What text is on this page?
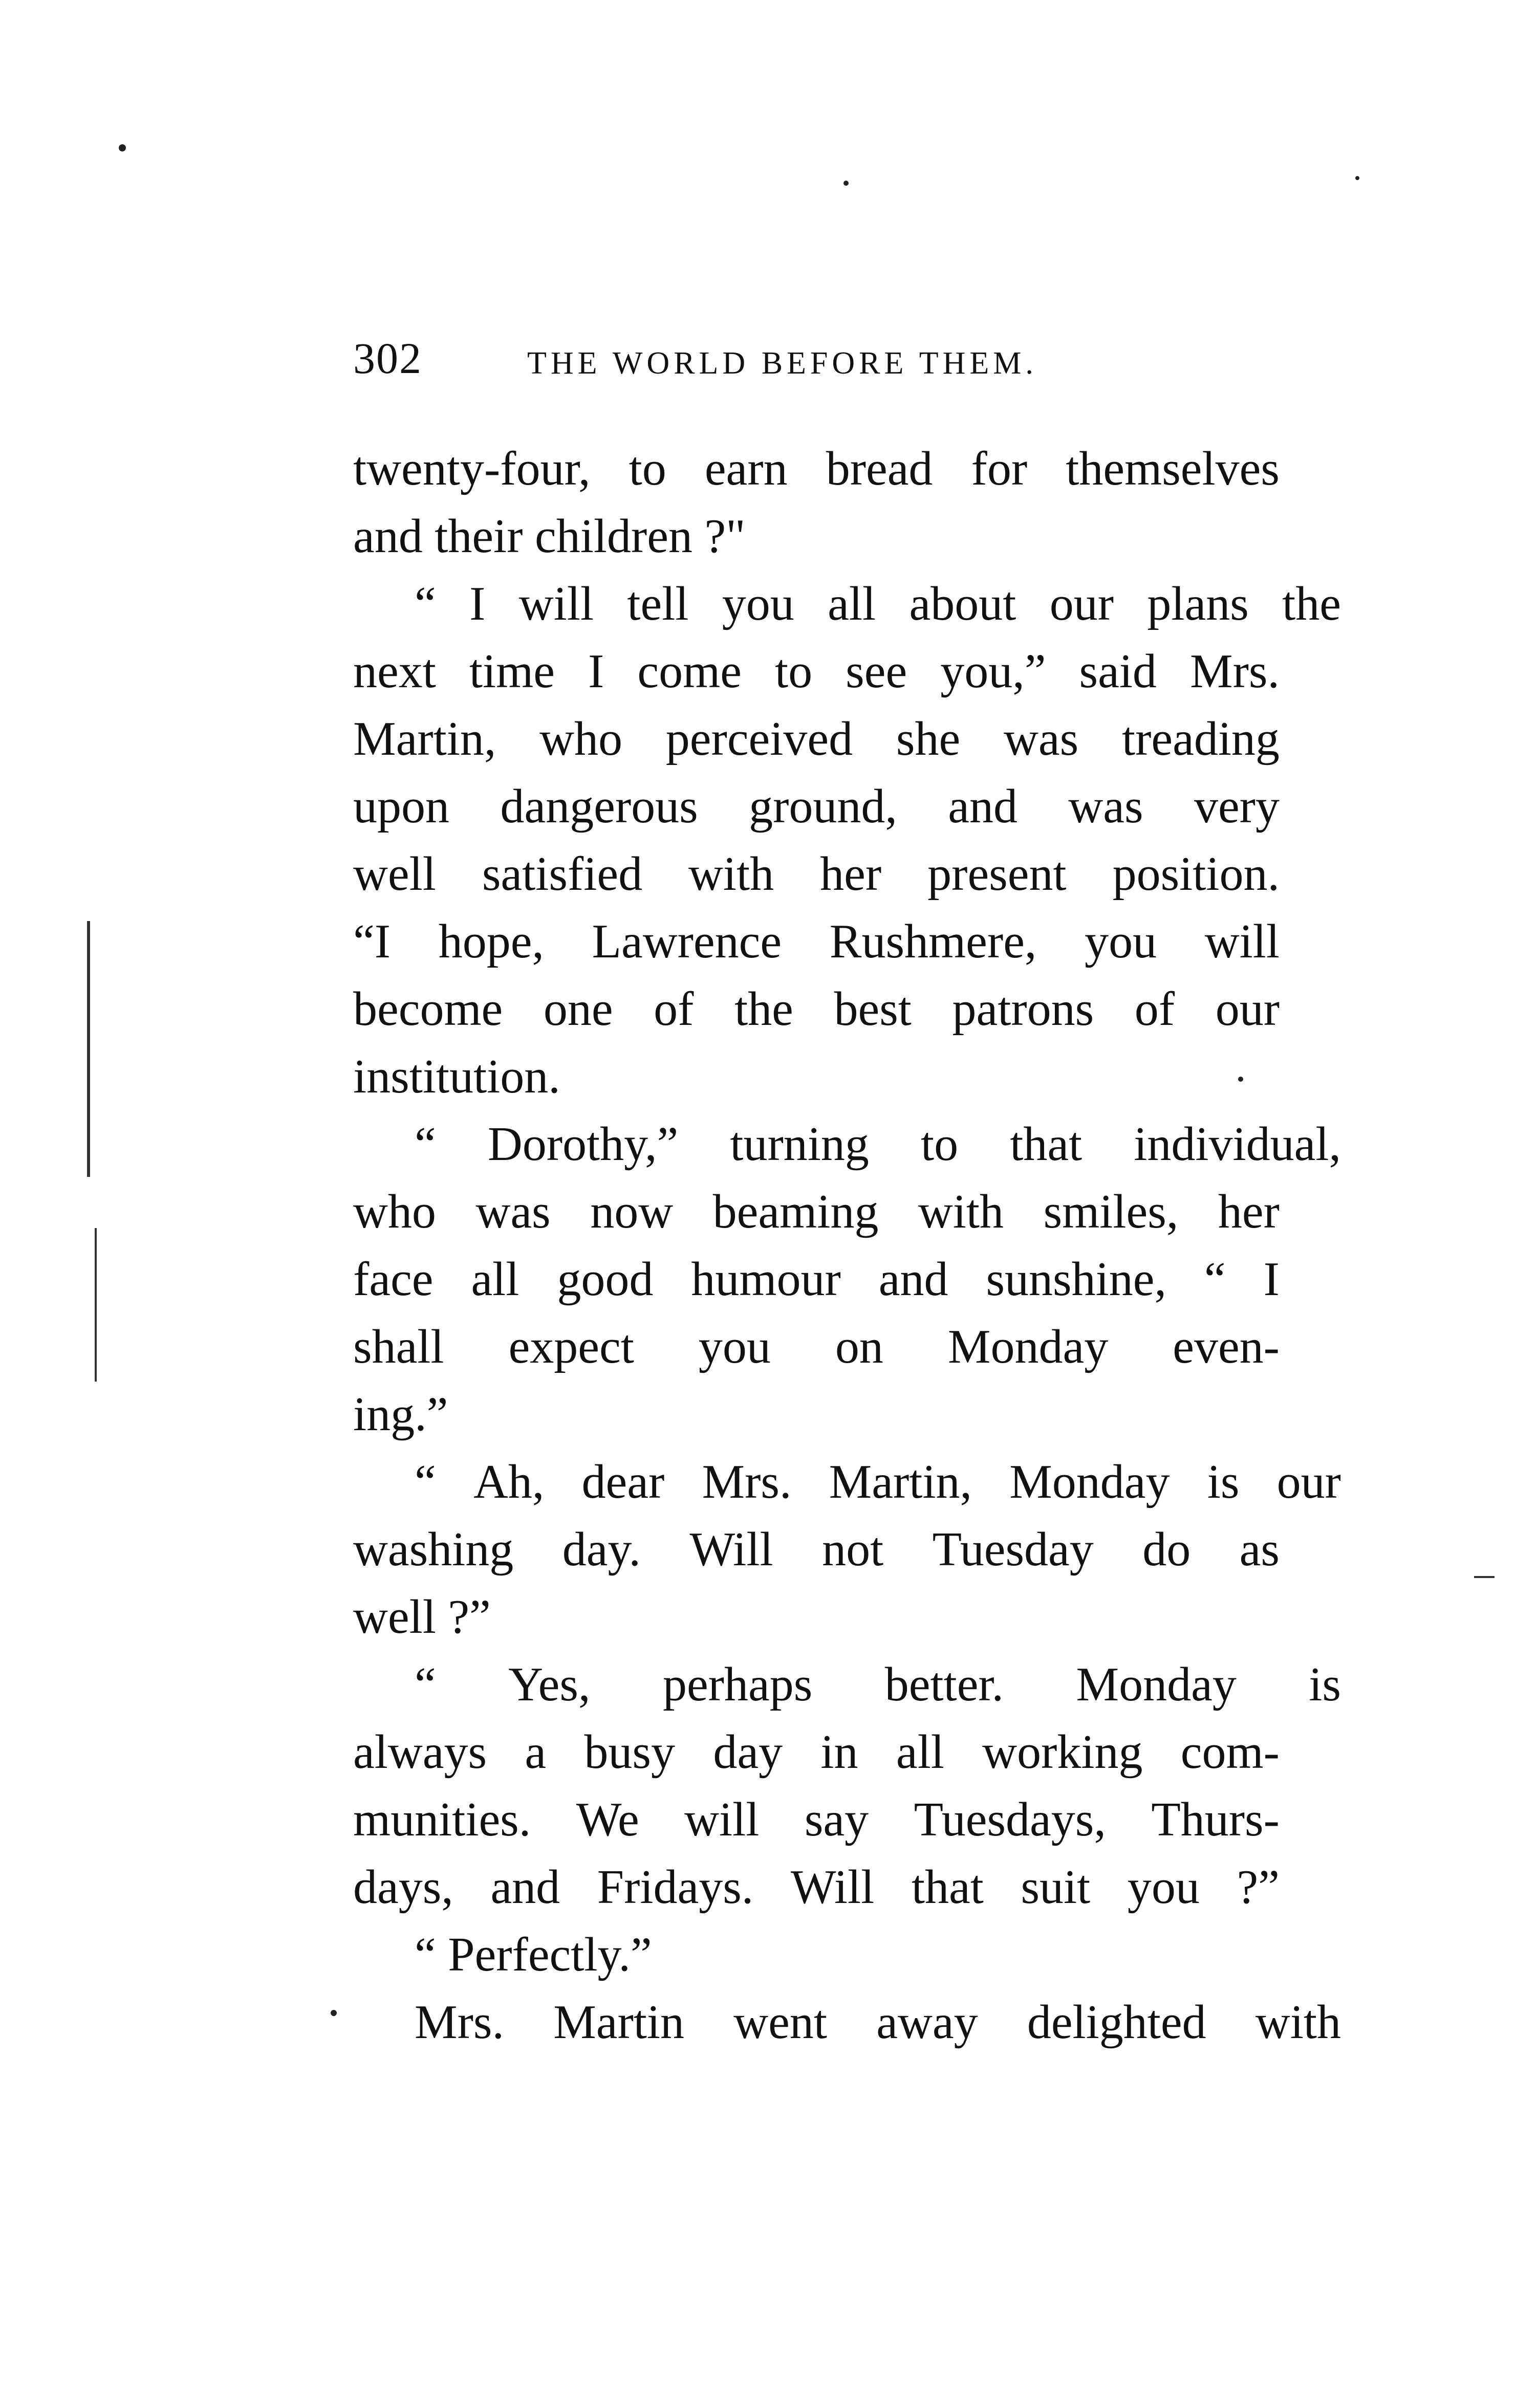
302	THE WORLD BEFORE THEM.
twenty-four, to earn bread for themselves
and their children ?"
“ I will tell you all about our plans the
next time I come to see you,” said Mrs.
Martin, who perceived she was treading
upon dangerous ground, and was very
well satisfied with her present position.
“I hope, Lawrence Rushmere, you will
become one of the best patrons of our
institution.
“ Dorothy,” turning to that individual,
who was now beaming with smiles, her
face all good humour and sunshine, “ I
shall expect you on Monday even-
ing.”
“ Ah, dear Mrs. Martin, Monday is our
washing day. Will not Tuesday do as
well ?”
“ Yes, perhaps better. Monday is
always a busy day in all working com-
munities. We will say Tuesdays, Thurs-
days, and Fridays. Will that suit you ?”
“ Perfectly.”
Mrs. Martin went away delighted with
